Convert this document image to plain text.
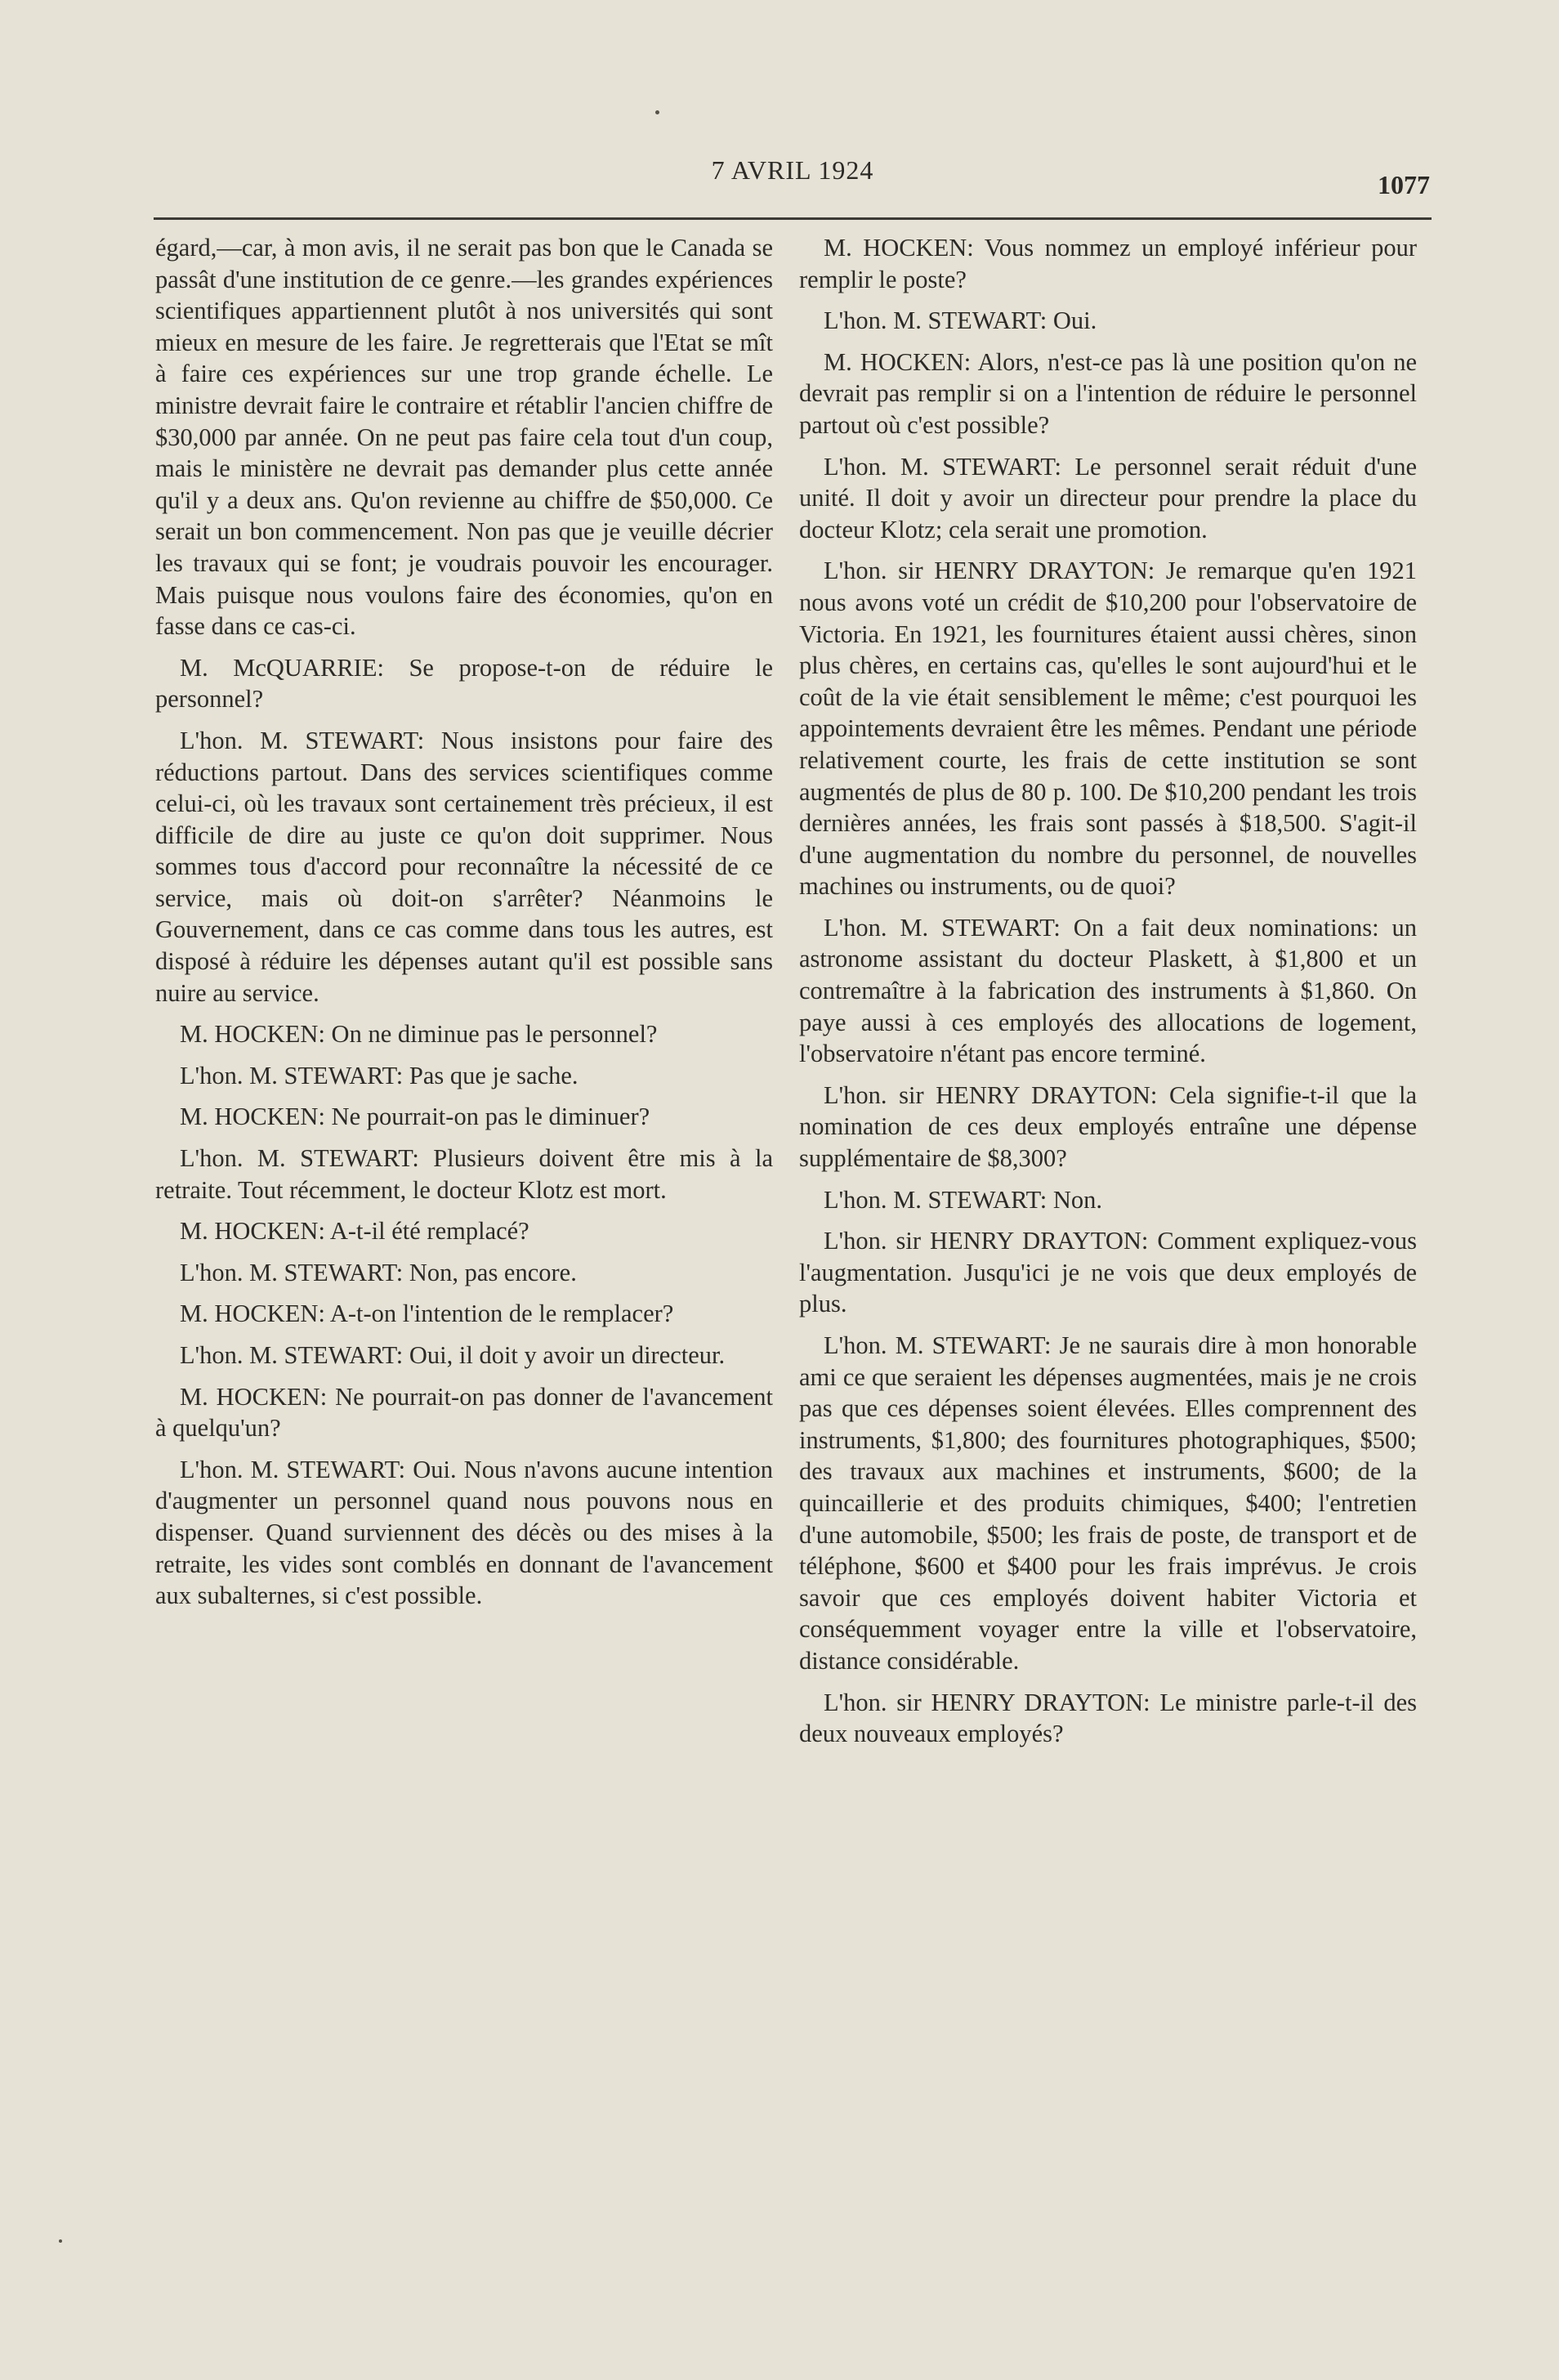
7 AVRIL 1924	1077

égard,—car, à mon avis, il ne serait pas bon que le Canada se passât d'une institution de ce genre.—les grandes expériences scientifiques appartiennent plutôt à nos universités qui sont mieux en mesure de les faire. Je regretterais que l'Etat se mît à faire ces expériences sur une trop grande échelle. Le ministre devrait faire le contraire et rétablir l'ancien chiffre de $30,000 par année. On ne peut pas faire cela tout d'un coup, mais le ministère ne devrait pas demander plus cette année qu'il y a deux ans. Qu'on revienne au chiffre de $50,000. Ce serait un bon commencement. Non pas que je veuille décrier les travaux qui se font; je voudrais pouvoir les encourager. Mais puisque nous voulons faire des économies, qu'on en fasse dans ce cas-ci.

M. McQUARRIE: Se propose-t-on de réduire le personnel?

L'hon. M. STEWART: Nous insistons pour faire des réductions partout. Dans des services scientifiques comme celui-ci, où les travaux sont certainement très précieux, il est difficile de dire au juste ce qu'on doit supprimer. Nous sommes tous d'accord pour reconnaître la nécessité de ce service, mais où doit-on s'arrêter? Néanmoins le Gouvernement, dans ce cas comme dans tous les autres, est disposé à réduire les dépenses autant qu'il est possible sans nuire au service.

M. HOCKEN: On ne diminue pas le personnel?

L'hon. M. STEWART: Pas que je sache.

M. HOCKEN: Ne pourrait-on pas le diminuer?

L'hon. M. STEWART: Plusieurs doivent être mis à la retraite. Tout récemment, le docteur Klotz est mort.

M. HOCKEN: A-t-il été remplacé?

L'hon. M. STEWART: Non, pas encore.

M. HOCKEN: A-t-on l'intention de le remplacer?

L'hon. M. STEWART: Oui, il doit y avoir un directeur.

M. HOCKEN: Ne pourrait-on pas donner de l'avancement à quelqu'un?

L'hon. M. STEWART: Oui. Nous n'avons aucune intention d'augmenter un personnel quand nous pouvons nous en dispenser. Quand surviennent des décès ou des mises à la retraite, les vides sont comblés en donnant de l'avancement aux subalternes, si c'est possible.

M. HOCKEN: Vous nommez un employé inférieur pour remplir le poste?

L'hon. M. STEWART: Oui.

M. HOCKEN: Alors, n'est-ce pas là une position qu'on ne devrait pas remplir si on a l'intention de réduire le personnel partout où c'est possible?

L'hon. M. STEWART: Le personnel serait réduit d'une unité. Il doit y avoir un directeur pour prendre la place du docteur Klotz; cela serait une promotion.

L'hon. sir HENRY DRAYTON: Je remarque qu'en 1921 nous avons voté un crédit de $10,200 pour l'observatoire de Victoria. En 1921, les fournitures étaient aussi chères, sinon plus chères, en certains cas, qu'elles le sont aujourd'hui et le coût de la vie était sensiblement le même; c'est pourquoi les appointements devraient être les mêmes. Pendant une période relativement courte, les frais de cette institution se sont augmentés de plus de 80 p. 100. De $10,200 pendant les trois dernières années, les frais sont passés à $18,500. S'agit-il d'une augmentation du nombre du personnel, de nouvelles machines ou instruments, ou de quoi?

L'hon. M. STEWART: On a fait deux nominations: un astronome assistant du docteur Plaskett, à $1,800 et un contremaître à la fabrication des instruments à $1,860. On paye aussi à ces employés des allocations de logement, l'observatoire n'étant pas encore terminé.

L'hon. sir HENRY DRAYTON: Cela signifie-t-il que la nomination de ces deux employés entraîne une dépense supplémentaire de $8,300?

L'hon. M. STEWART: Non.

L'hon. sir HENRY DRAYTON: Comment expliquez-vous l'augmentation. Jusqu'ici je ne vois que deux employés de plus.

L'hon. M. STEWART: Je ne saurais dire à mon honorable ami ce que seraient les dépenses augmentées, mais je ne crois pas que ces dépenses soient élevées. Elles comprennent des instruments, $1,800; des fournitures photographiques, $500; des travaux aux machines et instruments, $600; de la quincaillerie et des produits chimiques, $400; l'entretien d'une automobile, $500; les frais de poste, de transport et de téléphone, $600 et $400 pour les frais imprévus. Je crois savoir que ces employés doivent habiter Victoria et conséquemment voyager entre la ville et l'observatoire, distance considérable.

L'hon. sir HENRY DRAYTON: Le ministre parle-t-il des deux nouveaux employés?
